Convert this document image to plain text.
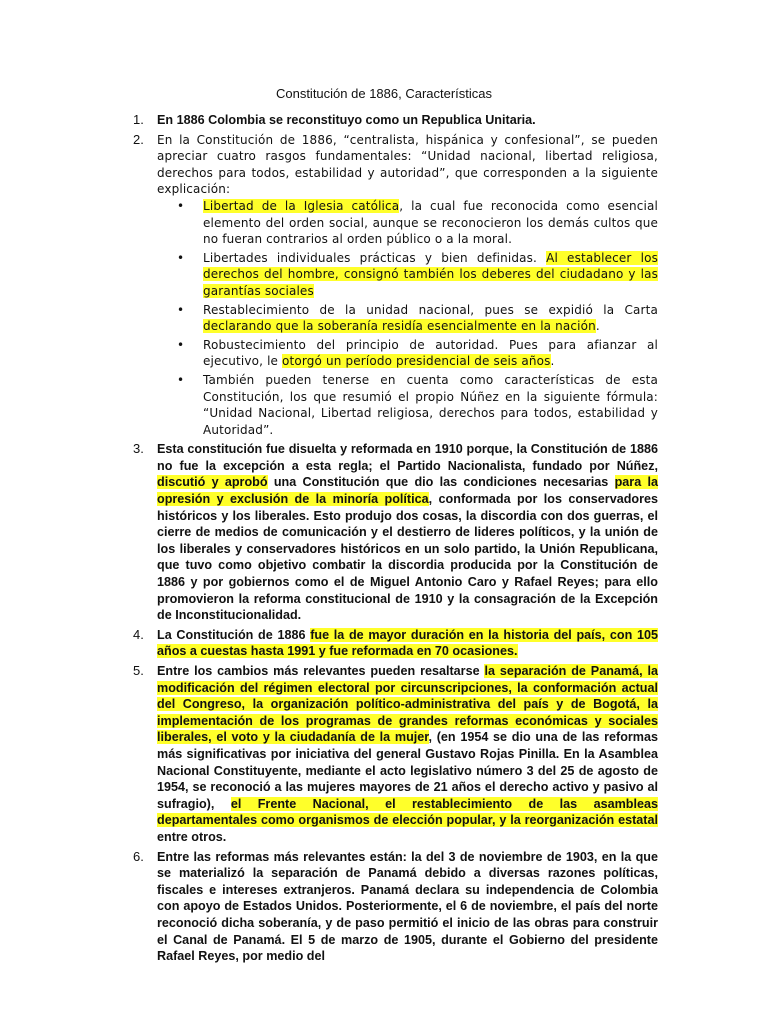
Constitución de 1886, Características
1. En 1886 Colombia se reconstituyo como un Republica Unitaria.
2. En la Constitución de 1886, “centralista, hispánica y confesional”, se pueden apreciar cuatro rasgos fundamentales: “Unidad nacional, libertad religiosa, derechos para todos, estabilidad y autoridad”, que corresponden a la siguiente explicación:
• Libertad de la Iglesia católica, la cual fue reconocida como esencial elemento del orden social, aunque se reconocieron los demás cultos que no fueran contrarios al orden público o a la moral.
• Libertades individuales prácticas y bien definidas. Al establecer los derechos del hombre, consignó también los deberes del ciudadano y las garantías sociales
• Restablecimiento de la unidad nacional, pues se expidió la Carta declarando que la soberanía residía esencialmente en la nación.
• Robustecimiento del principio de autoridad. Pues para afianzar al ejecutivo, le otorgó un período presidencial de seis años.
• También pueden tenerse en cuenta como características de esta Constitución, los que resumió el propio Núñez en la siguiente fórmula: “Unidad Nacional, Libertad religiosa, derechos para todos, estabilidad y Autoridad”.
3. Esta constitución fue disuelta y reformada en 1910 porque, la Constitución de 1886 no fue la excepción a esta regla; el Partido Nacionalista, fundado por Núñez, discutió y aprobó una Constitución que dio las condiciones necesarias para la opresión y exclusión de la minoría política, conformada por los conservadores históricos y los liberales. Esto produjo dos cosas, la discordia con dos guerras, el cierre de medios de comunicación y el destierro de lideres políticos, y la unión de los liberales y conservadores históricos en un solo partido, la Unión Republicana, que tuvo como objetivo combatir la discordia producida por la Constitución de 1886 y por gobiernos como el de Miguel Antonio Caro y Rafael Reyes; para ello promovieron la reforma constitucional de 1910 y la consagración de la Excepción de Inconstitucionalidad.
4. La Constitución de 1886 fue la de mayor duración en la historia del país, con 105 años a cuestas hasta 1991 y fue reformada en 70 ocasiones.
5. Entre los cambios más relevantes pueden resaltarse la separación de Panamá, la modificación del régimen electoral por circunscripciones, la conformación actual del Congreso, la organización político-administrativa del país y de Bogotá, la implementación de los programas de grandes reformas económicas y sociales liberales, el voto y la ciudadanía de la mujer, (en 1954 se dio una de las reformas más significativas por iniciativa del general Gustavo Rojas Pinilla. En la Asamblea Nacional Constituyente, mediante el acto legislativo número 3 del 25 de agosto de 1954, se reconoció a las mujeres mayores de 21 años el derecho activo y pasivo al sufragio), el Frente Nacional, el restablecimiento de las asambleas departamentales como organismos de elección popular, y la reorganización estatal entre otros.
6. Entre las reformas más relevantes están: la del 3 de noviembre de 1903, en la que se materializó la separación de Panamá debido a diversas razones políticas, fiscales e intereses extranjeros. Panamá declara su independencia de Colombia con apoyo de Estados Unidos. Posteriormente, el 6 de noviembre, el país del norte reconoció dicha soberanía, y de paso permitió el inicio de las obras para construir el Canal de Panamá. El 5 de marzo de 1905, durante el Gobierno del presidente Rafael Reyes, por medio del
